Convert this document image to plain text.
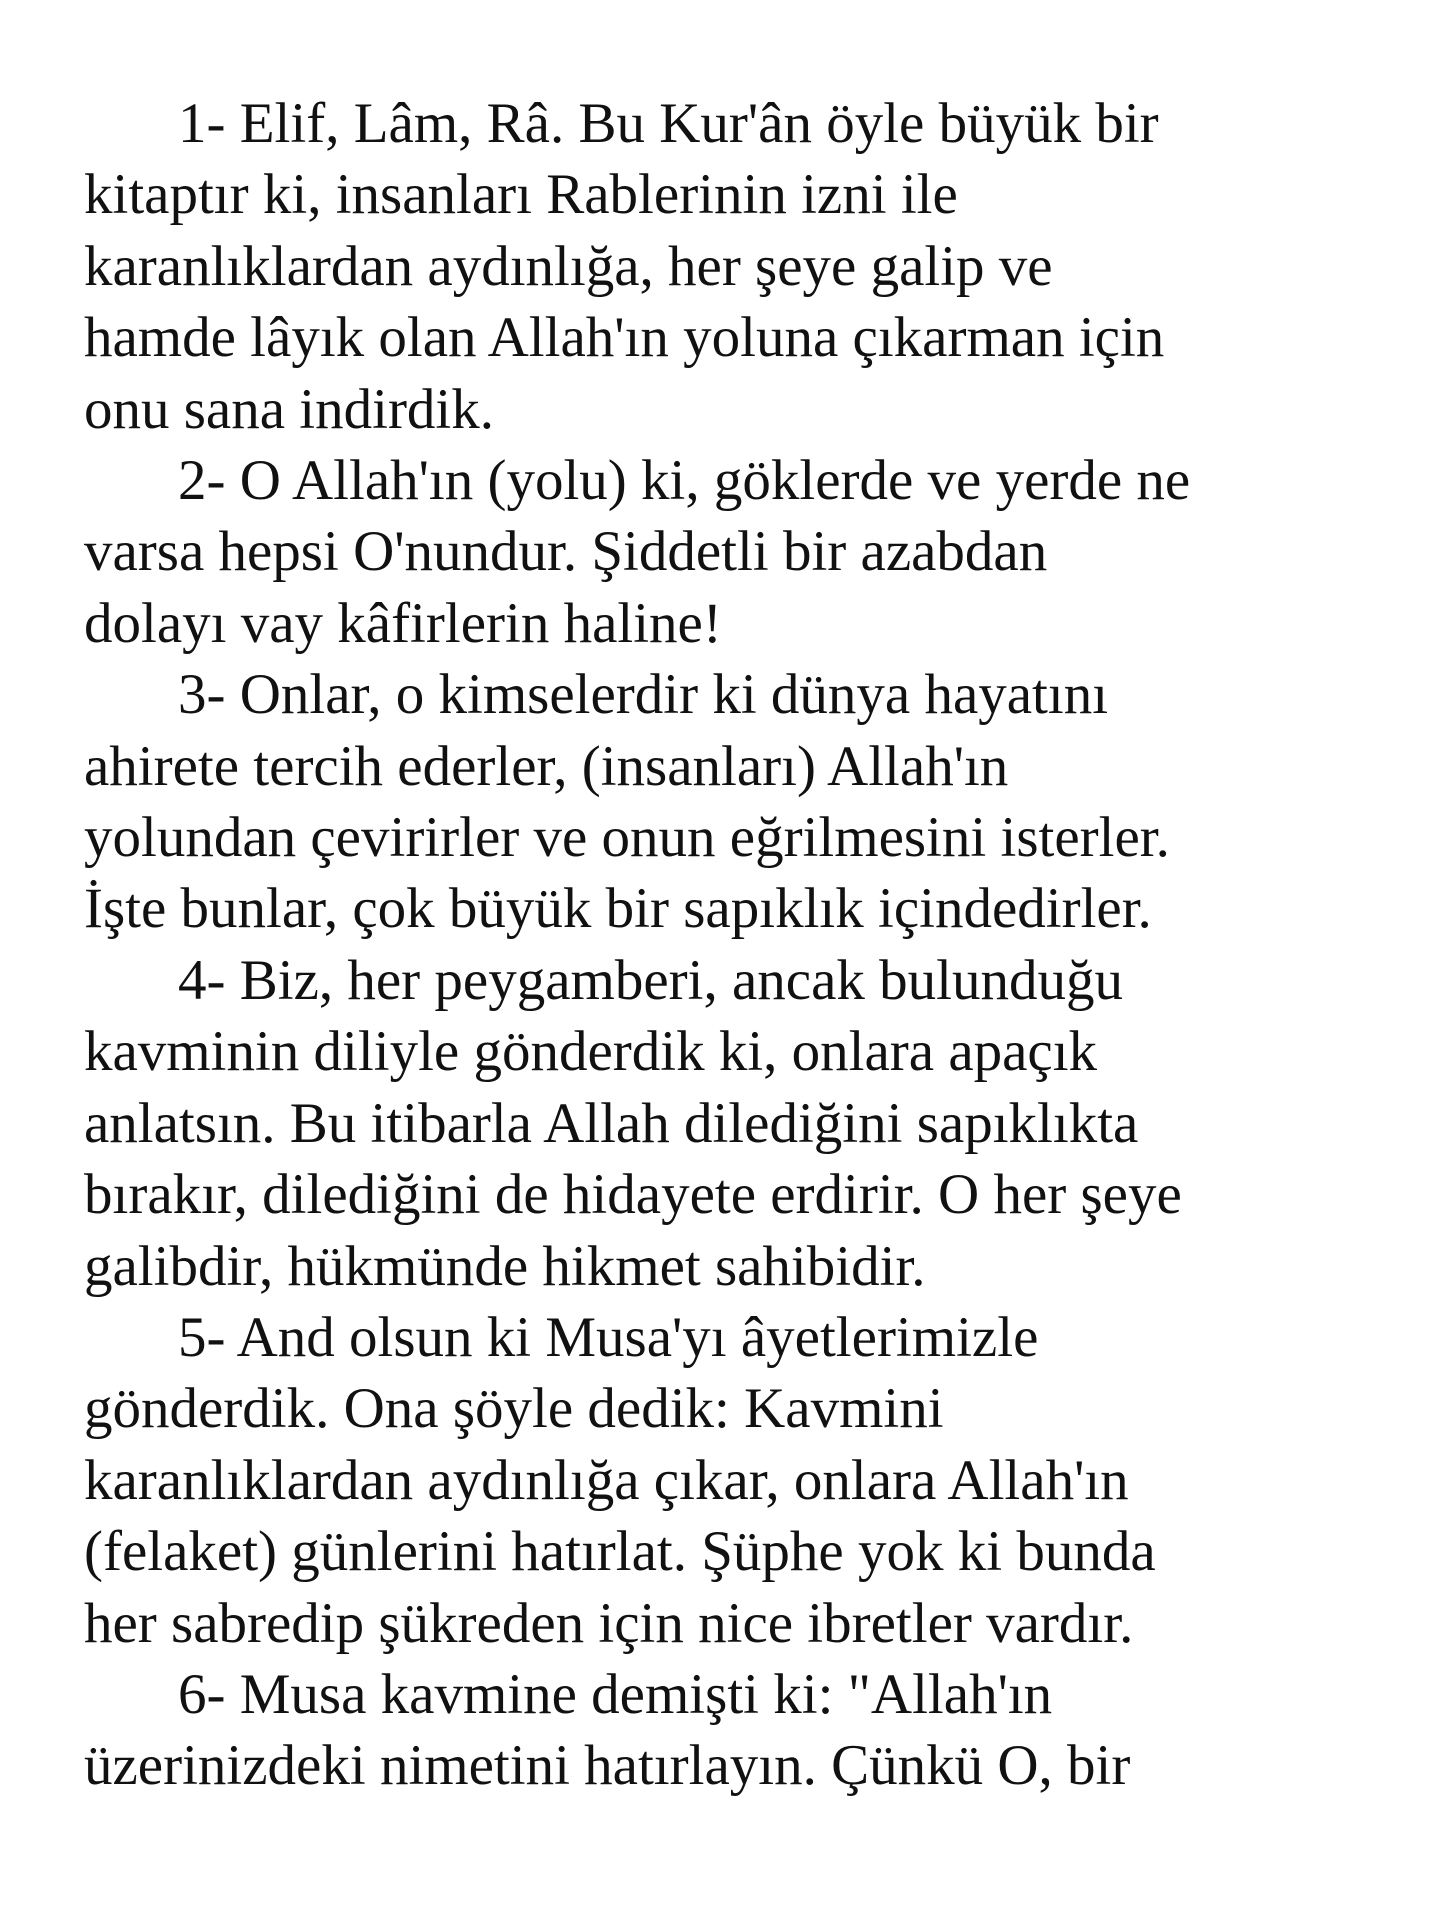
1- Elif, Lâm, Râ. Bu Kur'ân öyle büyük bir
kitaptır ki, insanları Rablerinin izni ile
karanlıklardan aydınlığa, her şeye galip ve
hamde lâyık olan Allah'ın yoluna çıkarman için
onu sana indirdik.

2- O Allah'ın (yolu) ki, göklerde ve yerde ne
varsa hepsi O'nundur. Şiddetli bir azabdan
dolayı vay kâfirlerin haline!

3- Onlar, o kimselerdir ki dünya hayatını
ahirete tercih ederler, (insanları) Allah'ın
yolundan çevirirler ve onun eğrilmesini isterler.
İşte bunlar, çok büyük bir sapıklık içindedirler.

4- Biz, her peygamberi, ancak bulunduğu
kavminin diliyle gönderdik ki, onlara apaçık
anlatsın. Bu itibarla Allah dilediğini sapıklıkta
bırakır, dilediğini de hidayete erdirir. O her şeye
galibdir, hükmünde hikmet sahibidir.

5- And olsun ki Musa'yı âyetlerimizle
gönderdik. Ona şöyle dedik: Kavmini
karanlıklardan aydınlığa çıkar, onlara Allah'ın
(felaket) günlerini hatırlat. Şüphe yok ki bunda
her sabredip şükreden için nice ibretler vardır.

6- Musa kavmine demişti ki: "Allah'ın
üzerinizdeki nimetini hatırlayın. Çünkü O, bir
